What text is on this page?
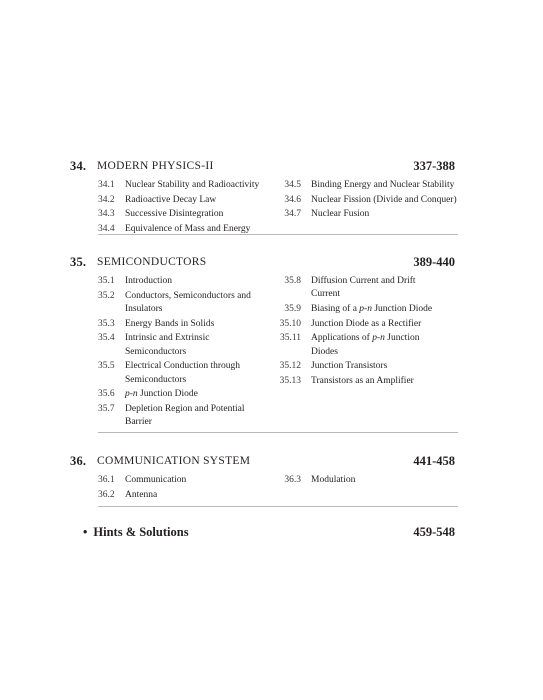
34. MODERN PHYSICS-II	337-388
34.1	Nuclear Stability and Radioactivity
34.2	Radioactive Decay Law
34.3	Successive Disintegration
34.4	Equivalence of Mass and Energy
34.5	Binding Energy and Nuclear Stability
34.6	Nuclear Fission (Divide and Conquer)
34.7	Nuclear Fusion
35. SEMICONDUCTORS	389-440
35.1	Introduction
35.2	Conductors, Semiconductors and Insulators
35.3	Energy Bands in Solids
35.4	Intrinsic and Extrinsic Semiconductors
35.5	Electrical Conduction through Semiconductors
35.6	p-n Junction Diode
35.7	Depletion Region and Potential Barrier
35.8	Diffusion Current and Drift Current
35.9	Biasing of a p-n Junction Diode
35.10	Junction Diode as a Rectifier
35.11	Applications of p-n Junction Diodes
35.12	Junction Transistors
35.13	Transistors as an Amplifier
36. COMMUNICATION SYSTEM	441-458
36.1	Communication
36.2	Antenna
36.3	Modulation
• Hints & Solutions	459-548
